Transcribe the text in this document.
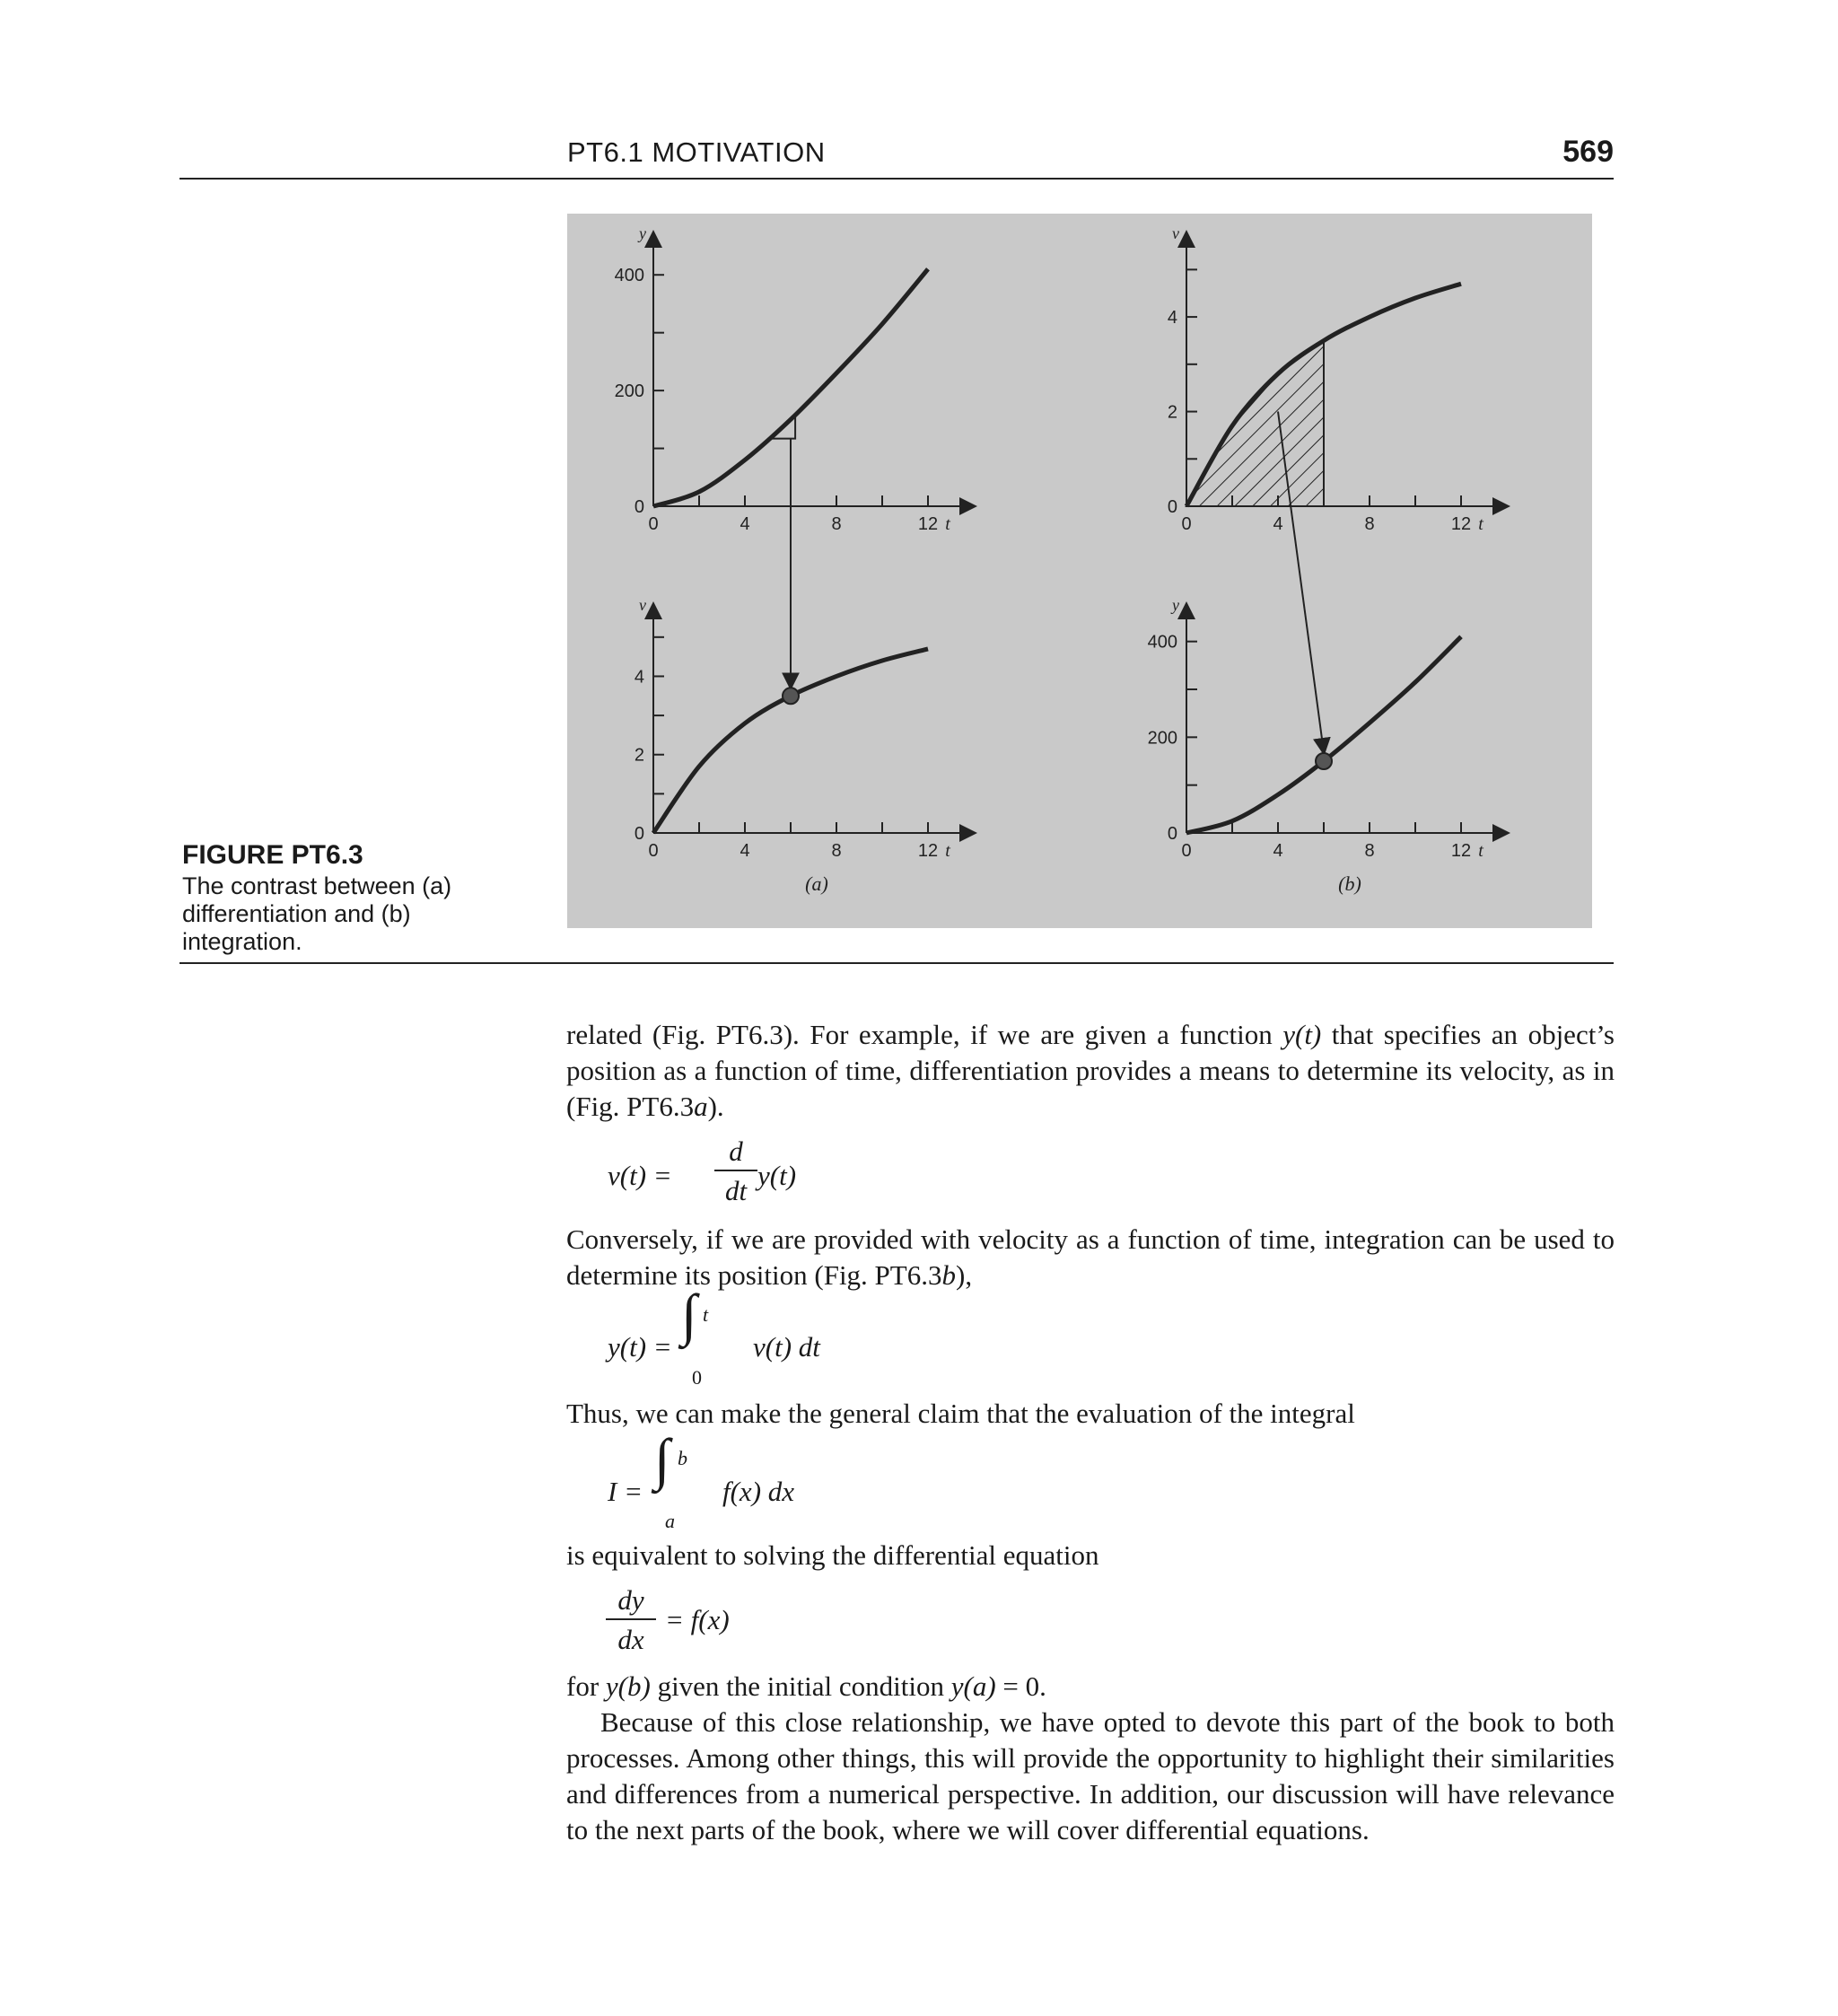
PT6.1 MOTIVATION	569
FIGURE PT6.3
The contrast between (a) differentiation and (b) integration.
0	4	8	12 t
0
200
400
y
0	4	8	12 t
0
2
4
v
0	4	8	12 t
0
2
4
v
0	4	8	12 t
0
200
400
y
(a)	(b)

related (Fig. PT6.3). For example, if we are given a function y(t) that specifies an object’s position as a function of time, differentiation provides a means to determine its velocity, as in (Fig. PT6.3a).

v(t) =
d
dt y(t)

Conversely, if we are provided with velocity as a function of time, integration can be used to determine its position (Fig. PT6.3b),

y(t) =
∫ t
0
v(t) dt

Thus, we can make the general claim that the evaluation of the integral

I =
∫ b
a
f(x) dx

is equivalent to solving the differential equation

dy
dx
= f(x)

for y(b) given the initial condition y(a) = 0.

Because of this close relationship, we have opted to devote this part of the book to both processes. Among other things, this will provide the opportunity to highlight their similarities and differences from a numerical perspective. In addition, our discussion will have relevance to the next parts of the book, where we will cover differential equations.
